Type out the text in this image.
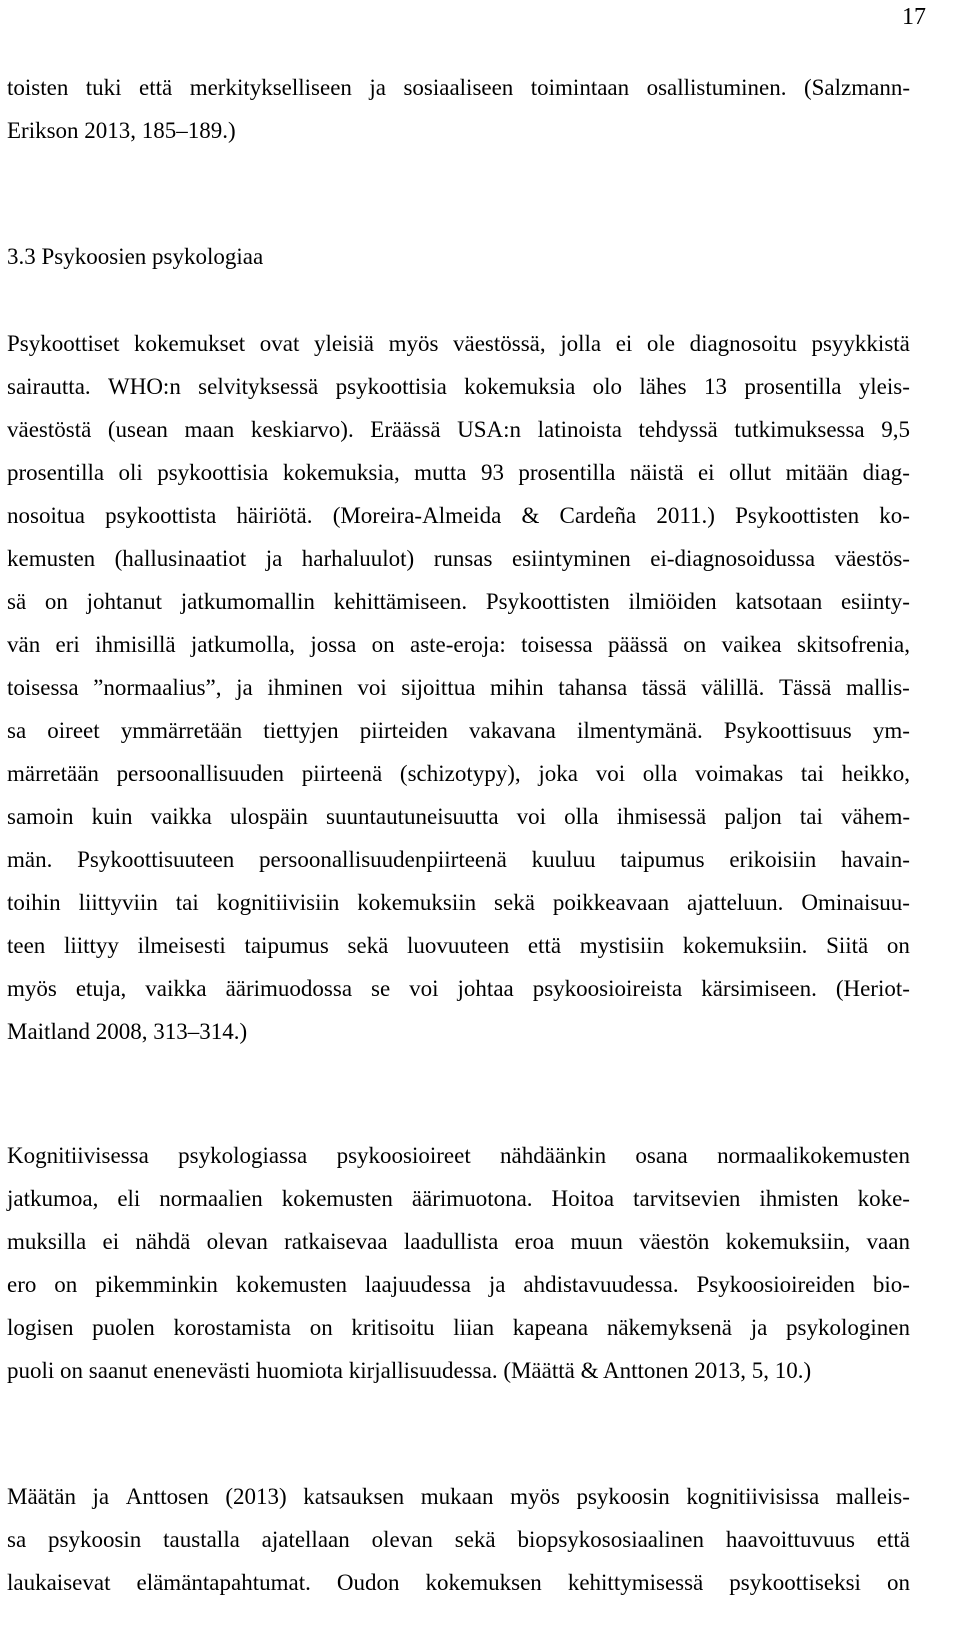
17
toisten tuki että merkitykselliseen ja sosiaaliseen toimintaan osallistuminen. (Salzmann-
Erikson 2013, 185–189.)
3.3 Psykoosien psykologiaa
Psykoottiset kokemukset ovat yleisiä myös väestössä, jolla ei ole diagnosoitu psyykkistä
sairautta. WHO:n selvityksessä psykoottisia kokemuksia olo lähes 13 prosentilla yleis-
väestöstä (usean maan keskiarvo). Eräässä USA:n latinoista tehdyssä tutkimuksessa 9,5
prosentilla oli psykoottisia kokemuksia, mutta 93 prosentilla näistä ei ollut mitään diag-
nosoitua psykoottista häiriötä. (Moreira-Almeida & Cardeña 2011.) Psykoottisten ko-
kemusten (hallusinaatiot ja harhaluulot) runsas esiintyminen ei-diagnosoidussa väestös-
sä on johtanut jatkumomallin kehittämiseen. Psykoottisten ilmiöiden katsotaan esiinty-
vän eri ihmisillä jatkumolla, jossa on aste-eroja: toisessa päässä on vaikea skitsofrenia,
toisessa ”normaalius”, ja ihminen voi sijoittua mihin tahansa tässä välillä. Tässä mallis-
sa oireet ymmärretään tiettyjen piirteiden vakavana ilmentymänä. Psykoottisuus ym-
märretään persoonallisuuden piirteenä (schizotypy), joka voi olla voimakas tai heikko,
samoin kuin vaikka ulospäin suuntautuneisuutta voi olla ihmisessä paljon tai vähem-
män. Psykoottisuuteen persoonallisuudenpiirteenä kuuluu taipumus erikoisiin havain-
toihin liittyviin tai kognitiivisiin kokemuksiin sekä poikkeavaan ajatteluun. Ominaisuu-
teen liittyy ilmeisesti taipumus sekä luovuuteen että mystisiin kokemuksiin. Siitä on
myös etuja, vaikka äärimuodossa se voi johtaa psykoosioireista kärsimiseen. (Heriot-
Maitland 2008, 313–314.)
Kognitiivisessa psykologiassa psykoosioireet nähdäänkin osana normaalikokemusten
jatkumoa, eli normaalien kokemusten äärimuotona. Hoitoa tarvitsevien ihmisten koke-
muksilla ei nähdä olevan ratkaisevaa laadullista eroa muun väestön kokemuksiin, vaan
ero on pikemminkin kokemusten laajuudessa ja ahdistavuudessa. Psykoosioireiden bio-
logisen puolen korostamista on kritisoitu liian kapeana näkemyksenä ja psykologinen
puoli on saanut enenevästi huomiota kirjallisuudessa. (Määttä & Anttonen 2013, 5, 10.)
Määtän ja Anttosen (2013) katsauksen mukaan myös psykoosin kognitiivisissa malleis-
sa psykoosin taustalla ajatellaan olevan sekä biopsykososiaalinen haavoittuvuus että
laukaisevat elämäntapahtumat. Oudon kokemuksen kehittymisessä psykoottiseksi on
